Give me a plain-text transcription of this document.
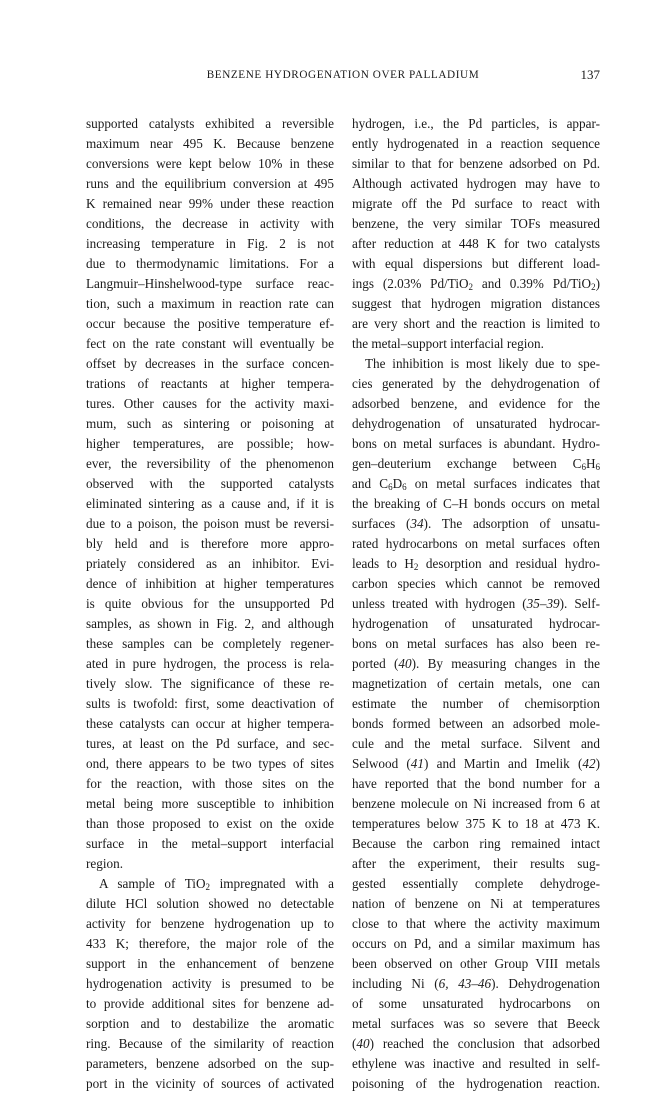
BENZENE HYDROGENATION OVER PALLADIUM	137
supported catalysts exhibited a reversible
maximum near 495 K. Because benzene
conversions were kept below 10% in these
runs and the equilibrium conversion at 495
K remained near 99% under these reaction
conditions, the decrease in activity with
increasing temperature in Fig. 2 is not
due to thermodynamic limitations. For a
Langmuir–Hinshelwood-type surface reac-
tion, such a maximum in reaction rate can
occur because the positive temperature ef-
fect on the rate constant will eventually be
offset by decreases in the surface concen-
trations of reactants at higher tempera-
tures. Other causes for the activity maxi-
mum, such as sintering or poisoning at
higher temperatures, are possible; how-
ever, the reversibility of the phenomenon
observed with the supported catalysts
eliminated sintering as a cause and, if it is
due to a poison, the poison must be reversi-
bly held and is therefore more appro-
priately considered as an inhibitor. Evi-
dence of inhibition at higher temperatures
is quite obvious for the unsupported Pd
samples, as shown in Fig. 2, and although
these samples can be completely regener-
ated in pure hydrogen, the process is rela-
tively slow. The significance of these re-
sults is twofold: first, some deactivation of
these catalysts can occur at higher tempera-
tures, at least on the Pd surface, and sec-
ond, there appears to be two types of sites
for the reaction, with those sites on the
metal being more susceptible to inhibition
than those proposed to exist on the oxide
surface in the metal–support interfacial
region.
A sample of TiO$_2$ impregnated with a
dilute HCl solution showed no detectable
activity for benzene hydrogenation up to
433 K; therefore, the major role of the
support in the enhancement of benzene
hydrogenation activity is presumed to be
to provide additional sites for benzene ad-
sorption and to destabilize the aromatic
ring. Because of the similarity of reaction
parameters, benzene adsorbed on the sup-
port in the vicinity of sources of activated
hydrogen, i.e., the Pd particles, is appar-
ently hydrogenated in a reaction sequence
similar to that for benzene adsorbed on Pd.
Although activated hydrogen may have to
migrate off the Pd surface to react with
benzene, the very similar TOFs measured
after reduction at 448 K for two catalysts
with equal dispersions but different load-
ings (2.03% Pd/TiO$_2$ and 0.39% Pd/TiO$_2$)
suggest that hydrogen migration distances
are very short and the reaction is limited to
the metal–support interfacial region.
The inhibition is most likely due to spe-
cies generated by the dehydrogenation of
adsorbed benzene, and evidence for the
dehydrogenation of unsaturated hydrocar-
bons on metal surfaces is abundant. Hydro-
gen–deuterium exchange between $C_6H_6$
and $C_6D_6$ on metal surfaces indicates that
the breaking of C–H bonds occurs on metal
surfaces (34). The adsorption of unsatu-
rated hydrocarbons on metal surfaces often
leads to $H_2$ desorption and residual hydro-
carbon species which cannot be removed
unless treated with hydrogen (35–39). Self-
hydrogenation of unsaturated hydrocar-
bons on metal surfaces has also been re-
ported (40). By measuring changes in the
magnetization of certain metals, one can
estimate the number of chemisorption
bonds formed between an adsorbed mole-
cule and the metal surface. Silvent and
Selwood (41) and Martin and Imelik (42)
have reported that the bond number for a
benzene molecule on Ni increased from 6 at
temperatures below 375 K to 18 at 473 K.
Because the carbon ring remained intact
after the experiment, their results sug-
gested essentially complete dehydroge-
nation of benzene on Ni at temperatures
close to that where the activity maximum
occurs on Pd, and a similar maximum has
been observed on other Group VIII metals
including Ni (6, 43–46). Dehydrogenation
of some unsaturated hydrocarbons on
metal surfaces was so severe that Beeck
(40) reached the conclusion that adsorbed
ethylene was inactive and resulted in self-
poisoning of the hydrogenation reaction.
